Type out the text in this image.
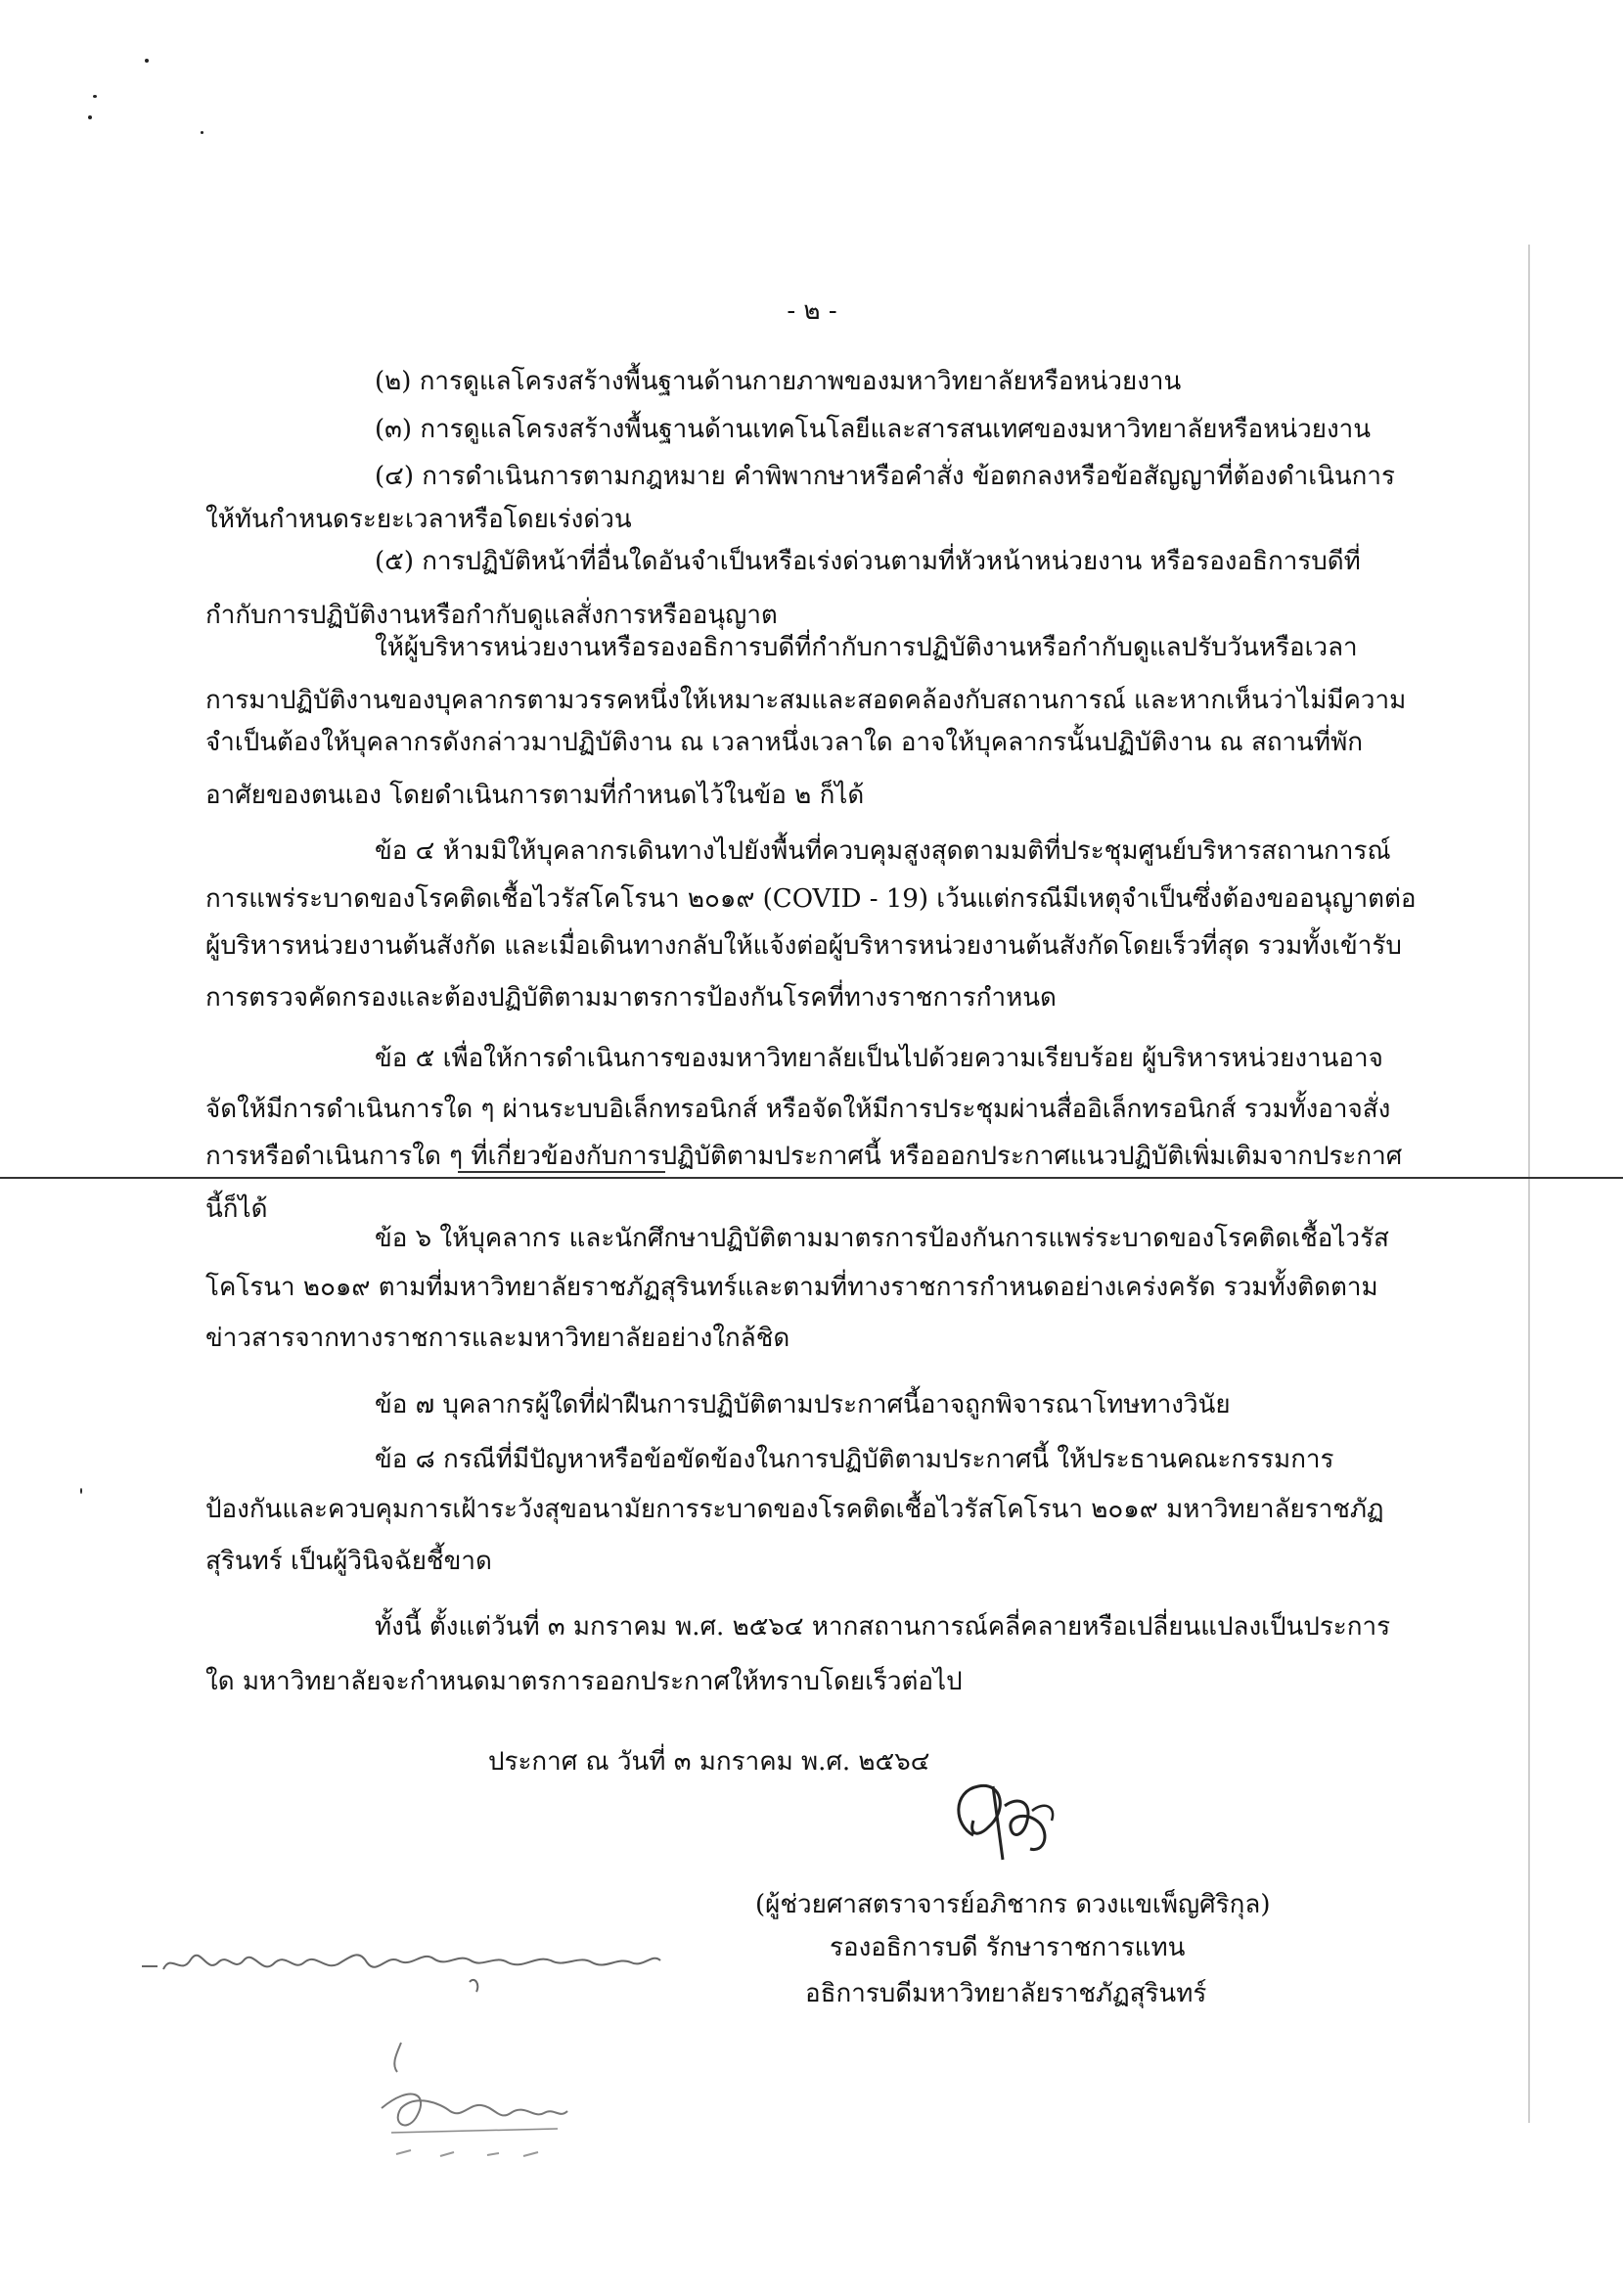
- ๒ -
(๒) การดูแลโครงสร้างพื้นฐานด้านกายภาพของมหาวิทยาลัยหรือหน่วยงาน
(๓) การดูแลโครงสร้างพื้นฐานด้านเทคโนโลยีและสารสนเทศของมหาวิทยาลัยหรือหน่วยงาน
(๔) การดำเนินการตามกฎหมาย คำพิพากษาหรือคำสั่ง ข้อตกลงหรือข้อสัญญาที่ต้องดำเนินการ
ให้ทันกำหนดระยะเวลาหรือโดยเร่งด่วน
(๕) การปฏิบัติหน้าที่อื่นใดอันจำเป็นหรือเร่งด่วนตามที่หัวหน้าหน่วยงาน หรือรองอธิการบดีที่
กำกับการปฏิบัติงานหรือกำกับดูแลสั่งการหรืออนุญาต
ให้ผู้บริหารหน่วยงานหรือรองอธิการบดีที่กำกับการปฏิบัติงานหรือกำกับดูแลปรับวันหรือเวลา
การมาปฏิบัติงานของบุคลากรตามวรรคหนึ่งให้เหมาะสมและสอดคล้องกับสถานการณ์ และหากเห็นว่าไม่มีความ
จำเป็นต้องให้บุคลากรดังกล่าวมาปฏิบัติงาน ณ เวลาหนึ่งเวลาใด อาจให้บุคลากรนั้นปฏิบัติงาน ณ สถานที่พัก
อาศัยของตนเอง โดยดำเนินการตามที่กำหนดไว้ในข้อ ๒ ก็ได้
ข้อ ๔ ห้ามมิให้บุคลากรเดินทางไปยังพื้นที่ควบคุมสูงสุดตามมติที่ประชุมศูนย์บริหารสถานการณ์
การแพร่ระบาดของโรคติดเชื้อไวรัสโคโรนา ๒๐๑๙ (COVID - 19) เว้นแต่กรณีมีเหตุจำเป็นซึ่งต้องขออนุญาตต่อ
ผู้บริหารหน่วยงานต้นสังกัด และเมื่อเดินทางกลับให้แจ้งต่อผู้บริหารหน่วยงานต้นสังกัดโดยเร็วที่สุด รวมทั้งเข้ารับ
การตรวจคัดกรองและต้องปฏิบัติตามมาตรการป้องกันโรคที่ทางราชการกำหนด
ข้อ ๕ เพื่อให้การดำเนินการของมหาวิทยาลัยเป็นไปด้วยความเรียบร้อย ผู้บริหารหน่วยงานอาจ
จัดให้มีการดำเนินการใด ๆ ผ่านระบบอิเล็กทรอนิกส์ หรือจัดให้มีการประชุมผ่านสื่ออิเล็กทรอนิกส์ รวมทั้งอาจสั่ง
การหรือดำเนินการใด ๆ ที่เกี่ยวข้องกับการปฏิบัติตามประกาศนี้ หรือออกประกาศแนวปฏิบัติเพิ่มเติมจากประกาศ
นี้ก็ได้
ข้อ ๖ ให้บุคลากร และนักศึกษาปฏิบัติตามมาตรการป้องกันการแพร่ระบาดของโรคติดเชื้อไวรัส
โคโรนา ๒๐๑๙ ตามที่มหาวิทยาลัยราชภัฏสุรินทร์และตามที่ทางราชการกำหนดอย่างเคร่งครัด รวมทั้งติดตาม
ข่าวสารจากทางราชการและมหาวิทยาลัยอย่างใกล้ชิด
ข้อ ๗ บุคลากรผู้ใดที่ฝ่าฝืนการปฏิบัติตามประกาศนี้อาจถูกพิจารณาโทษทางวินัย
ข้อ ๘ กรณีที่มีปัญหาหรือข้อขัดข้องในการปฏิบัติตามประกาศนี้ ให้ประธานคณะกรรมการ
ป้องกันและควบคุมการเฝ้าระวังสุขอนามัยการระบาดของโรคติดเชื้อไวรัสโคโรนา ๒๐๑๙ มหาวิทยาลัยราชภัฏ
สุรินทร์ เป็นผู้วินิจฉัยชี้ขาด
ทั้งนี้ ตั้งแต่วันที่ ๓ มกราคม พ.ศ. ๒๕๖๔ หากสถานการณ์คลี่คลายหรือเปลี่ยนแปลงเป็นประการ
ใด มหาวิทยาลัยจะกำหนดมาตรการออกประกาศให้ทราบโดยเร็วต่อไป
ประกาศ ณ วันที่ ๓ มกราคม พ.ศ. ๒๕๖๔
(ผู้ช่วยศาสตราจารย์อภิชากร ดวงแขเพ็ญศิริกุล)
รองอธิการบดี รักษาราชการแทน
อธิการบดีมหาวิทยาลัยราชภัฏสุรินทร์
